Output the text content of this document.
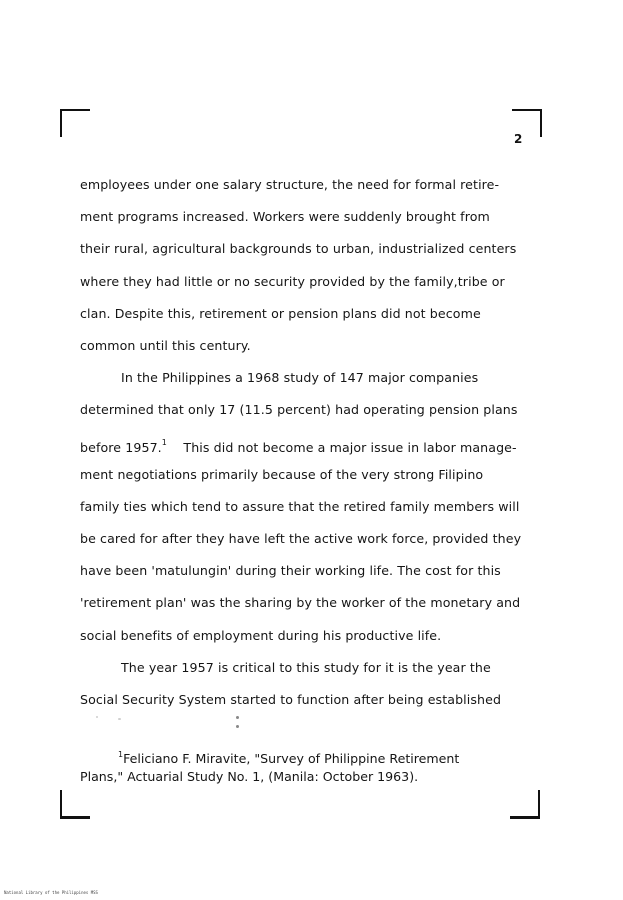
2
employees under one salary structure, the need for formal retire-
ment programs increased. Workers were suddenly brought from
their rural, agricultural backgrounds to urban, industrialized centers
where they had little or no security provided by the family,tribe or
clan. Despite this, retirement or pension plans did not become
common until this century.
In the Philippines a 1968 study of 147 major companies
determined that only 17 (11.5 percent) had operating pension plans
before 1957.$^1$ This did not become a major issue in labor manage-
ment negotiations primarily because of the very strong Filipino
family ties which tend to assure that the retired family members will
be cared for after they have left the active work force, provided they
have been 'matulungin' during their working life. The cost for this
'retirement plan' was the sharing by the worker of the monetary and
social benefits of employment during his productive life.
The year 1957 is critical to this study for it is the year the
Social Security System started to function after being established
$^1$Feliciano F. Miravite, "Survey of Philippine Retirement
Plans," Actuarial Study No. 1, (Manila: October 1963).
National Library of the Philippines MSS
